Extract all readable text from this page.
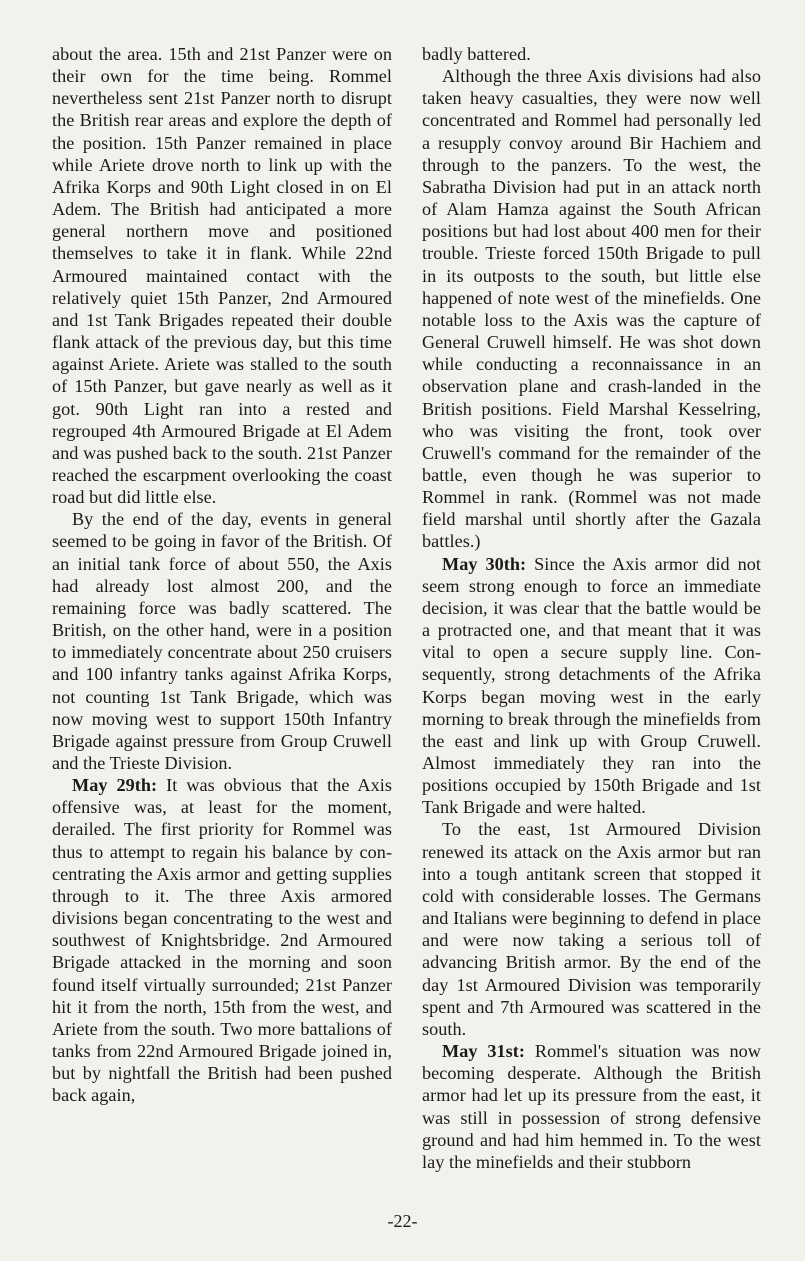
about the area. 15th and 21st Panzer were on their own for the time being. Rommel nevertheless sent 21st Panzer north to disrupt the British rear areas and explore the depth of the position. 15th Panzer remained in place while Ariete drove north to link up with the Afrika Korps and 90th Light closed in on El Adem. The British had anticipated a more general northern move and positioned themselves to take it in flank. While 22nd Armoured maintained contact with the relatively quiet 15th Panzer, 2nd Armoured and 1st Tank Brigades repeated their double flank attack of the previous day, but this time against Ariete. Ariete was stalled to the south of 15th Panzer, but gave nearly as well as it got. 90th Light ran into a rested and regrouped 4th Armoured Brigade at El Adem and was pushed back to the south. 21st Panzer reached the escarpment overlooking the coast road but did little else.

By the end of the day, events in general seemed to be going in favor of the British. Of an initial tank force of about 550, the Axis had already lost almost 200, and the remaining force was badly scattered. The British, on the other hand, were in a position to immediately concentrate about 250 cruisers and 100 infantry tanks against Afrika Korps, not counting 1st Tank Brigade, which was now moving west to support 150th Infantry Brigade against pressure from Group Cruwell and the Trieste Division.

May 29th: It was obvious that the Axis offensive was, at least for the moment, derailed. The first priority for Rommel was thus to attempt to regain his balance by concentrating the Axis armor and getting supplies through to it. The three Axis armored divisions began concentrating to the west and southwest of Knightsbridge. 2nd Armoured Brigade attacked in the morning and soon found itself virtually surrounded; 21st Panzer hit it from the north, 15th from the west, and Ariete from the south. Two more battalions of tanks from 22nd Armoured Brigade joined in, but by nightfall the British had been pushed back again,

badly battered.

Although the three Axis divisions had also taken heavy casualties, they were now well concentrated and Rommel had personally led a resupply convoy around Bir Hachiem and through to the panzers. To the west, the Sabratha Division had put in an attack north of Alam Hamza against the South African positions but had lost about 400 men for their trouble. Trieste forced 150th Brigade to pull in its outposts to the south, but little else happened of note west of the minefields. One notable loss to the Axis was the capture of General Cruwell himself. He was shot down while conducting a reconnaissance in an observation plane and crash-landed in the British positions. Field Marshal Kesselring, who was visiting the front, took over Cruwell's command for the remainder of the battle, even though he was superior to Rommel in rank. (Rommel was not made field marshal until shortly after the Gazala battles.)

May 30th: Since the Axis armor did not seem strong enough to force an immediate decision, it was clear that the battle would be a protracted one, and that meant that it was vital to open a secure supply line. Consequently, strong detachments of the Afrika Korps began moving west in the early morning to break through the minefields from the east and link up with Group Cruwell. Almost immediately they ran into the positions occupied by 150th Brigade and 1st Tank Brigade and were halted.

To the east, 1st Armoured Division renewed its attack on the Axis armor but ran into a tough antitank screen that stopped it cold with considerable losses. The Germans and Italians were beginning to defend in place and were now taking a serious toll of advancing British armor. By the end of the day 1st Armoured Division was temporarily spent and 7th Armoured was scattered in the south.

May 31st: Rommel's situation was now becoming desperate. Although the British armor had let up its pressure from the east, it was still in possession of strong defensive ground and had him hemmed in. To the west lay the minefields and their stubborn

-22-
